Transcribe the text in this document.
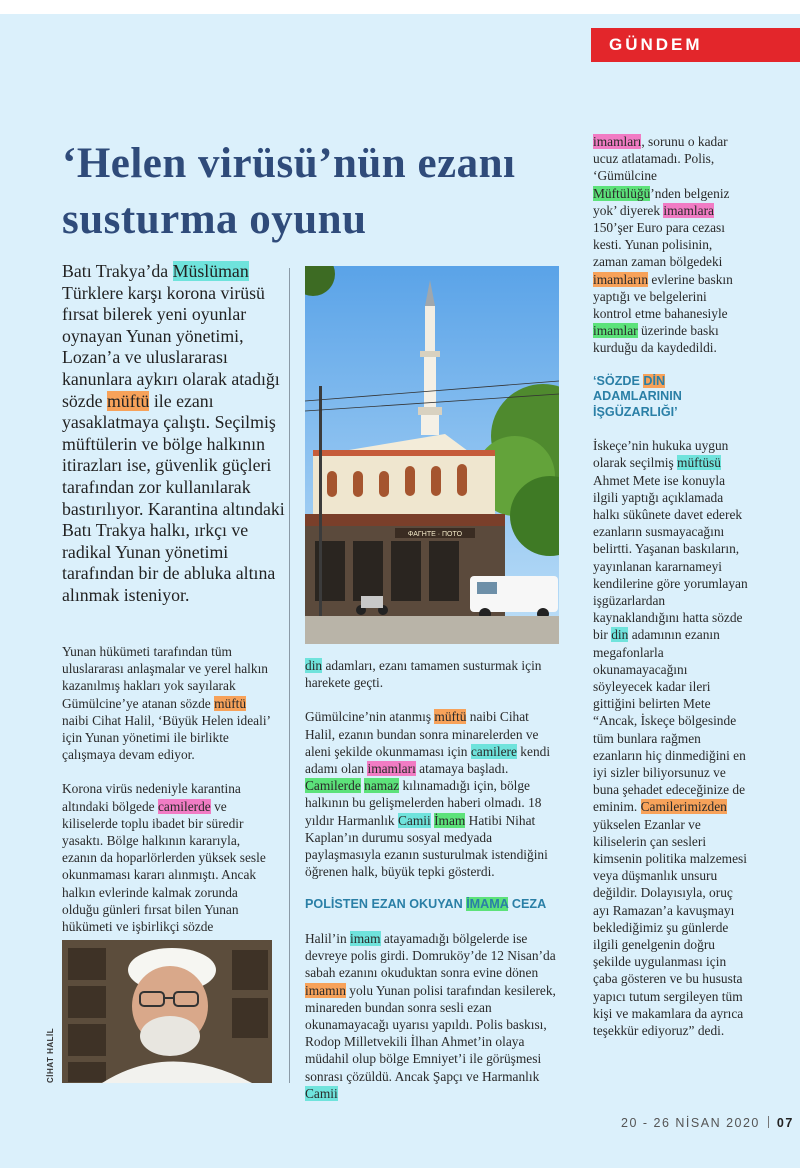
GÜNDEM
‘Helen virüsü’nün ezanı susturma oyunu

Batı Trakya’da Müslüman Türklere karşı korona virüsü fırsat bilerek yeni oyunlar oynayan Yunan yönetimi, Lozan’a ve uluslararası kanunlara aykırı olarak atadığı sözde müftü ile ezanı yasaklatmaya çalıştı. Seçilmiş müftülerin ve bölge halkının itirazları ise, güvenlik güçleri tarafından zor kullanılarak bastırılıyor. Karantina altındaki Batı Trakya halkı, ırkçı ve radikal Yunan yönetimi tarafından bir de abluka altına alınmak isteniyor.

Yunan hükümeti tarafından tüm uluslararası anlaşmalar ve yerel halkın kazanılmış hakları yok sayılarak Gümülcine’ye atanan sözde müftü naibi Cihat Halil, ‘Büyük Helen ideali’ için Yunan yönetimi ile birlikte çalışmaya devam ediyor.

Korona virüs nedeniyle karantina altındaki bölgede camilerde ve kiliselerde toplu ibadet bir süredir yasaktı. Bölge halkının kararıyla, ezanın da hoparlörlerden yüksek sesle okunmaması kararı alınmıştı. Ancak halkın evlerinde kalmak zorunda olduğu günleri fırsat bilen Yunan hükümeti ve işbirlikçi sözde

ΦΑΓΗΤΕ · ΠΟΤΟ

din adamları, ezanı tamamen susturmak için harekete geçti.

Gümülcine’nin atanmış müftü naibi Cihat Halil, ezanın bundan sonra minarelerden ve aleni şekilde okunmaması için camilere kendi adamı olan imamları atamaya başladı. Camilerde namaz kılınamadığı için, bölge halkının bu gelişmelerden haberi olmadı. 18 yıldır Harmanlık Camii İmam Hatibi Nihat Kaplan’ın durumu sosyal medyada paylaşmasıyla ezanın susturulmak istendiğini öğrenen halk, büyük tepki gösterdi.

POLİSTEN EZAN OKUYAN İMAMA CEZA

Halil’in imam atayamadığı bölgelerde ise devreye polis girdi. Domruköy’de 12 Nisan’da sabah ezanını okuduktan sonra evine dönen imamın yolu Yunan polisi tarafından kesilerek, minareden bundan sonra sesli ezan okunamayacağı uyarısı yapıldı. Polis baskısı, Rodop Milletvekili İlhan Ahmet’in olaya müdahil olup bölge Emniyet’i ile görüşmesi sonrası çözüldü. Ancak Şapçı ve Harmanlık Camii

imamları, sorunu o kadar ucuz atlatamadı. Polis, ‘Gümülcine Müftülüğü’nden belgeniz yok’ diyerek imamlara 150’şer Euro para cezası kesti. Yunan polisinin, zaman zaman bölgedeki imamların evlerine baskın yaptığı ve belgelerini kontrol etme bahanesiyle imamlar üzerinde baskı kurduğu da kaydedildi.

‘SÖZDE DİN ADAMLARININ İŞGÜZARLIĞI’

İskeçe’nin hukuka uygun olarak seçilmiş müftüsü Ahmet Mete ise konuyla ilgili yaptığı açıklamada halkı sükûnete davet ederek ezanların susmayacağını belirtti. Yaşanan baskıların, yayınlanan kararnameyi kendilerine göre yorumlayan işgüzarlardan kaynaklandığını hatta sözde bir din adamının ezanın megafonlarla okunamayacağını söyleyecek kadar ileri gittiğini belirten Mete “Ancak, İskeçe bölgesinde tüm bunlara rağmen ezanların hiç dinmediğini en iyi sizler biliyorsunuz ve buna şehadet edeceğinize de eminim. Camilerimizden yükselen Ezanlar ve kiliselerin çan sesleri kimsenin politika malzemesi veya düşmanlık unsuru değildir. Dolayısıyla, oruç ayı Ramazan’a kavuşmayı beklediğimiz şu günlerde ilgili genelgenin doğru şekilde uygulanması için çaba gösteren ve bu hususta yapıcı tutum sergileyen tüm kişi ve makamlara da ayrıca teşekkür ediyoruz” dedi.

CİHAT HALİL
20 - 26 NİSAN 2020 07
